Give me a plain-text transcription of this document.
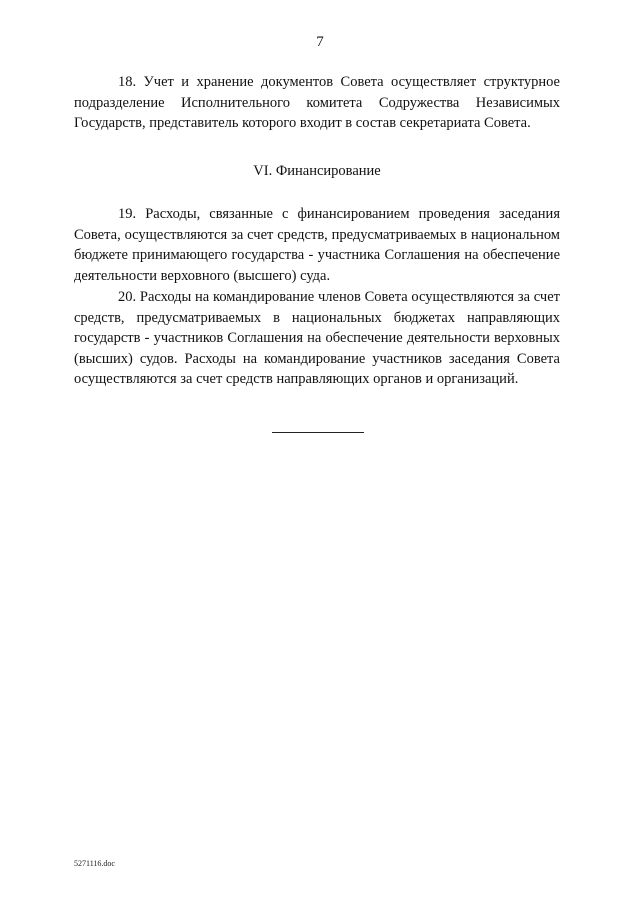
7

18. Учет и хранение документов Совета осуществляет структурное подразделение Исполнительного комитета Содружества Независимых Государств, представитель которого входит в состав секретариата Совета.

VI. Финансирование

19. Расходы, связанные с финансированием проведения заседания Совета, осуществляются за счет средств, предусматриваемых в национальном бюджете принимающего государства - участника Соглашения на обеспечение деятельности верховного (высшего) суда.

20. Расходы на командирование членов Совета осуществляются за счет средств, предусматриваемых в национальных бюджетах направляющих государств - участников Соглашения на обеспечение деятельности верховных (высших) судов. Расходы на командирование участников заседания Совета осуществляются за счет средств направляющих органов и организаций.

5271116.doc
